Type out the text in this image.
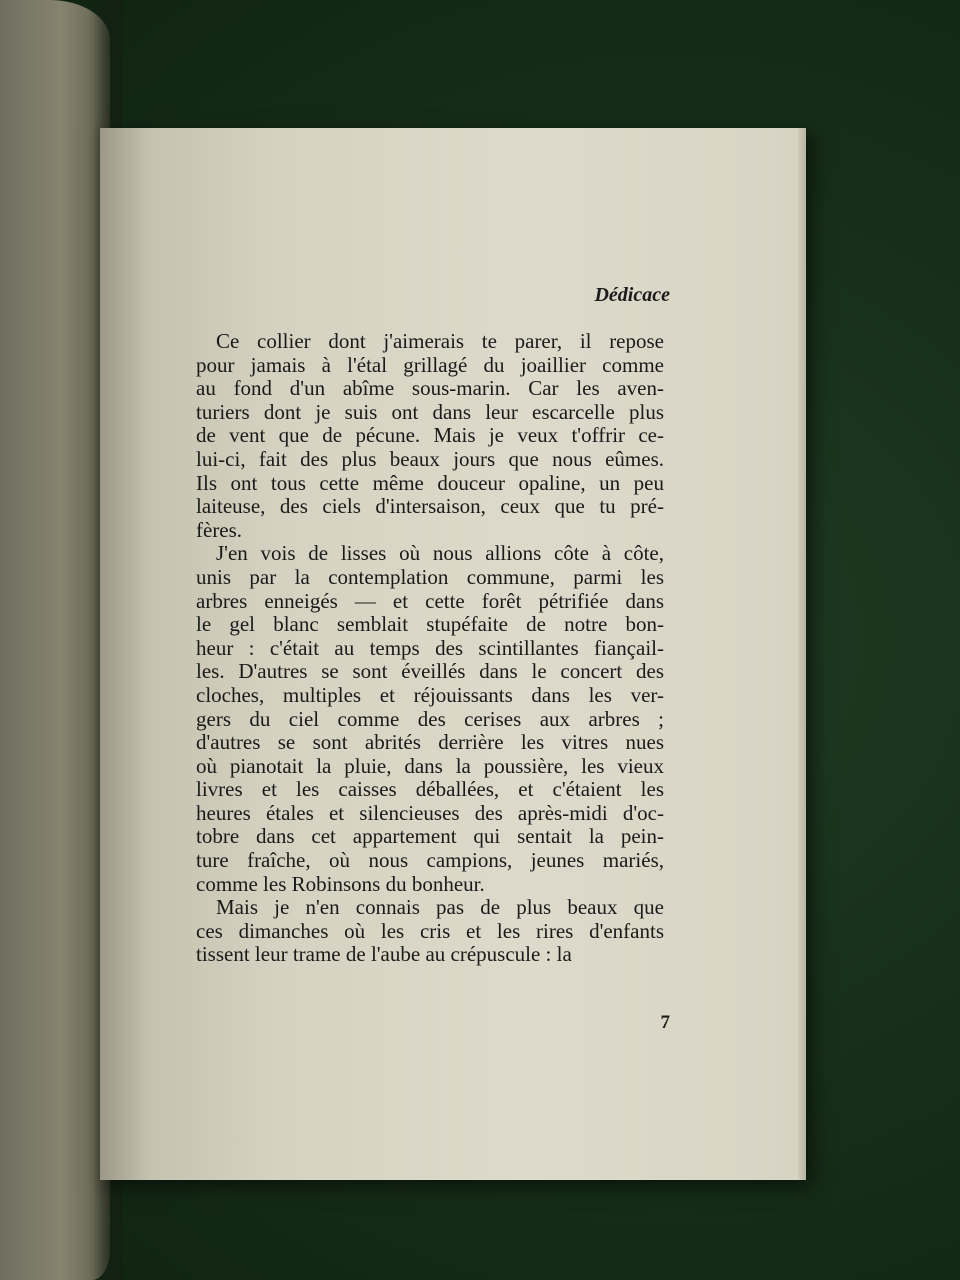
Dédicace
Ce collier dont j'aimerais te parer, il repose
pour jamais à l'étal grillagé du joaillier comme
au fond d'un abîme sous-marin. Car les aven-
turiers dont je suis ont dans leur escarcelle plus
de vent que de pécune. Mais je veux t'offrir ce-
lui-ci, fait des plus beaux jours que nous eûmes.
Ils ont tous cette même douceur opaline, un peu
laiteuse, des ciels d'intersaison, ceux que tu pré-
fères.
J'en vois de lisses où nous allions côte à côte,
unis par la contemplation commune, parmi les
arbres enneigés — et cette forêt pétrifiée dans
le gel blanc semblait stupéfaite de notre bon-
heur : c'était au temps des scintillantes fiançail-
les. D'autres se sont éveillés dans le concert des
cloches, multiples et réjouissants dans les ver-
gers du ciel comme des cerises aux arbres ;
d'autres se sont abrités derrière les vitres nues
où pianotait la pluie, dans la poussière, les vieux
livres et les caisses déballées, et c'étaient les
heures étales et silencieuses des après-midi d'oc-
tobre dans cet appartement qui sentait la pein-
ture fraîche, où nous campions, jeunes mariés,
comme les Robinsons du bonheur.
Mais je n'en connais pas de plus beaux que
ces dimanches où les cris et les rires d'enfants
tissent leur trame de l'aube au crépuscule : la
7
